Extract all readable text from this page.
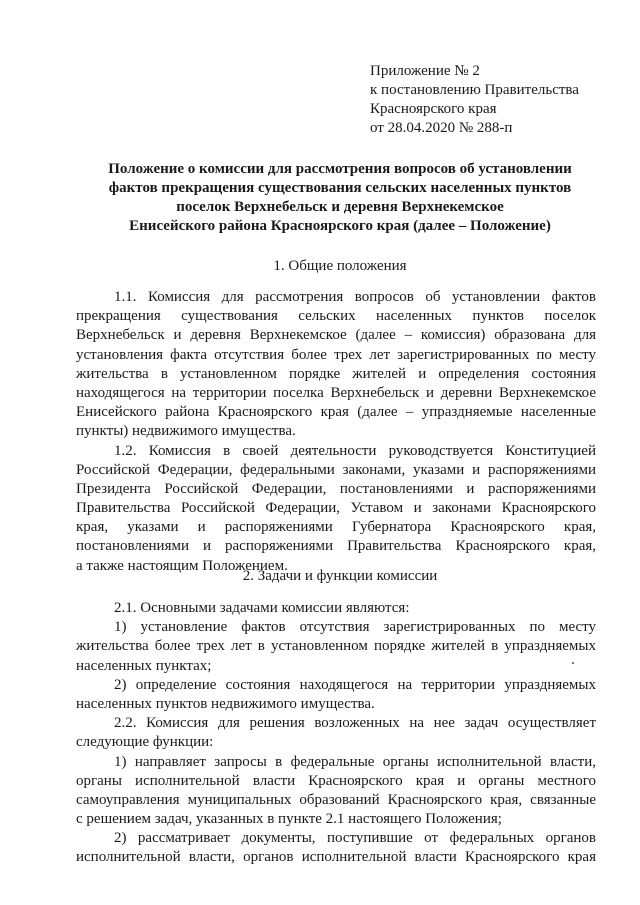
Приложение № 2
к постановлению Правительства
Красноярского края
от 28.04.2020 № 288-п
Положение о комиссии для рассмотрения вопросов об установлении
фактов прекращения существования сельских населенных пунктов
поселок Верхнебельск и деревня Верхнекемское
Енисейского района Красноярского края (далее – Положение)
1. Общие положения
1.1. Комиссия для рассмотрения вопросов об установлении фактов
прекращения существования сельских населенных пунктов поселок
Верхнебельск и деревня Верхнекемское (далее – комиссия) образована для
установления факта отсутствия более трех лет зарегистрированных по месту
жительства в установленном порядке жителей и определения состояния
находящегося на территории поселка Верхнебельск и деревни Верхнекемское
Енисейского района Красноярского края (далее – упраздняемые населенные
пункты) недвижимого имущества.
1.2. Комиссия в своей деятельности руководствуется Конституцией
Российской Федерации, федеральными законами, указами и распоряжениями
Президента Российской Федерации, постановлениями и распоряжениями
Правительства Российской Федерации, Уставом и законами Красноярского
края, указами и распоряжениями Губернатора Красноярского края,
постановлениями и распоряжениями Правительства Красноярского края,
а также настоящим Положением.
2. Задачи и функции комиссии
2.1. Основными задачами комиссии являются:
1) установление фактов отсутствия зарегистрированных по месту
жительства более трех лет в установленном порядке жителей в упраздняемых
населенных пунктах;
2) определение состояния находящегося на территории упраздняемых
населенных пунктов недвижимого имущества.
2.2. Комиссия для решения возложенных на нее задач осуществляет
следующие функции:
1) направляет запросы в федеральные органы исполнительной власти,
органы исполнительной власти Красноярского края и органы местного
самоуправления муниципальных образований Красноярского края, связанные
с решением задач, указанных в пункте 2.1 настоящего Положения;
2) рассматривает документы, поступившие от федеральных органов
исполнительной власти, органов исполнительной власти Красноярского края
